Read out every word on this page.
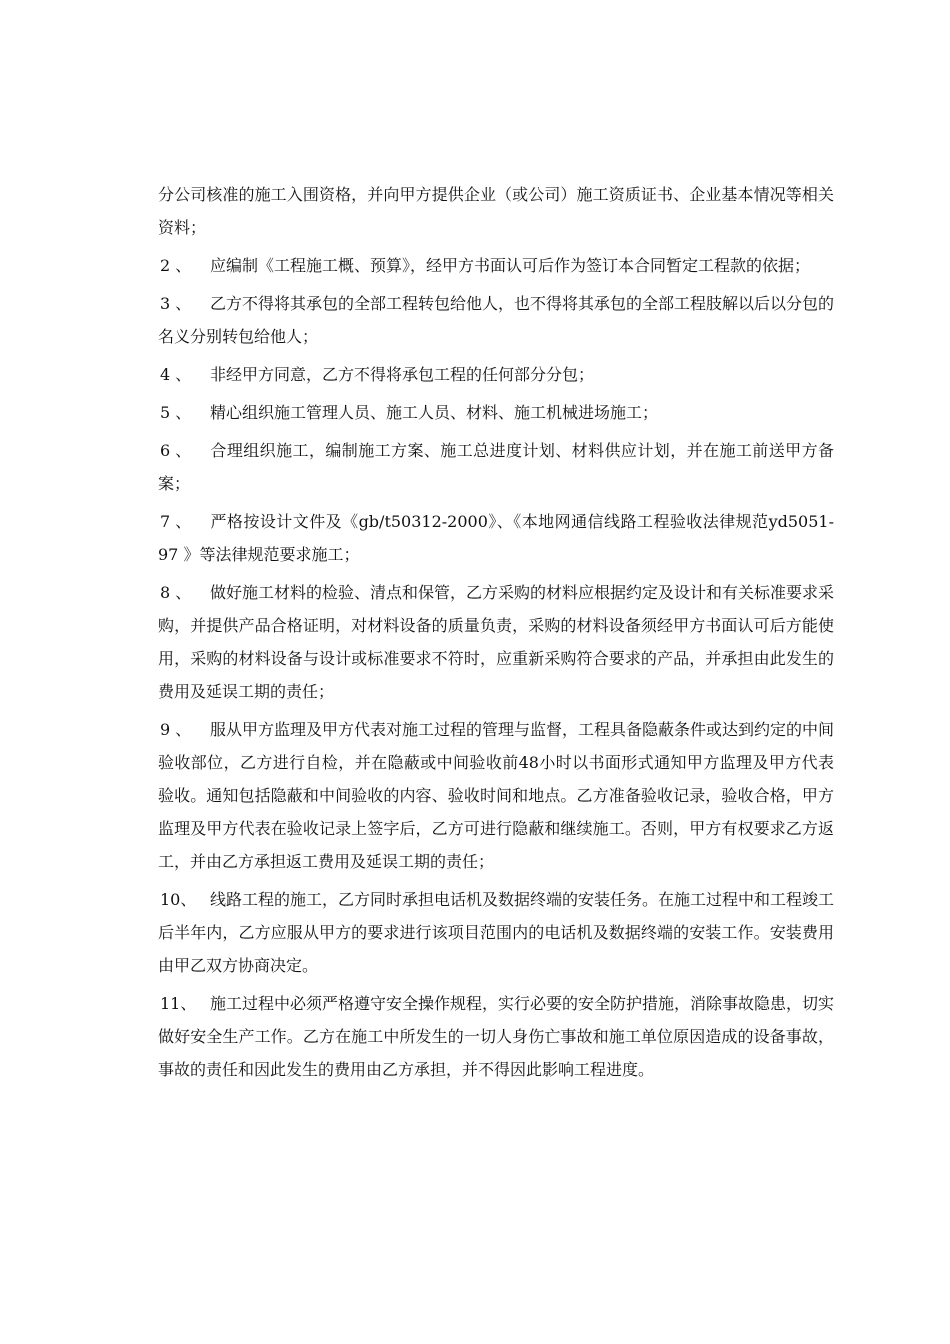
分公司核准的施工入围资格，并向甲方提供企业（或公司）施工资质证书、企业基本情况等相关资料；

2 、 应编制《工程施工概、预算》，经甲方书面认可后作为签订本合同暂定工程款的依据；

3 、 乙方不得将其承包的全部工程转包给他人，也不得将其承包的全部工程肢解以后以分包的名义分别转包给他人；

4 、 非经甲方同意，乙方不得将承包工程的任何部分分包；

5 、 精心组织施工管理人员、施工人员、材料、施工机械进场施工；

6 、 合理组织施工，编制施工方案、施工总进度计划、材料供应计划，并在施工前送甲方备案；

7 、 严格按设计文件及《gb/t50312-2000》、《本地网通信线路工程验收法律规范yd5051-97 》等法律规范要求施工；

8 、 做好施工材料的检验、清点和保管，乙方采购的材料应根据约定及设计和有关标准要求采购，并提供产品合格证明，对材料设备的质量负责，采购的材料设备须经甲方书面认可后方能使用，采购的材料设备与设计或标准要求不符时，应重新采购符合要求的产品，并承担由此发生的费用及延误工期的责任；

9 、 服从甲方监理及甲方代表对施工过程的管理与监督，工程具备隐蔽条件或达到约定的中间验收部位，乙方进行自检，并在隐蔽或中间验收前48小时以书面形式通知甲方监理及甲方代表验收。通知包括隐蔽和中间验收的内容、验收时间和地点。乙方准备验收记录，验收合格，甲方监理及甲方代表在验收记录上签字后，乙方可进行隐蔽和继续施工。否则，甲方有权要求乙方返工，并由乙方承担返工费用及延误工期的责任；

10、 线路工程的施工，乙方同时承担电话机及数据终端的安装任务。在施工过程中和工程竣工后半年内，乙方应服从甲方的要求进行该项目范围内的电话机及数据终端的安装工作。安装费用由甲乙双方协商决定。

11、 施工过程中必须严格遵守安全操作规程，实行必要的安全防护措施，消除事故隐患，切实做好安全生产工作。乙方在施工中所发生的一切人身伤亡事故和施工单位原因造成的设备事故，事故的责任和因此发生的费用由乙方承担，并不得因此影响工程进度。
